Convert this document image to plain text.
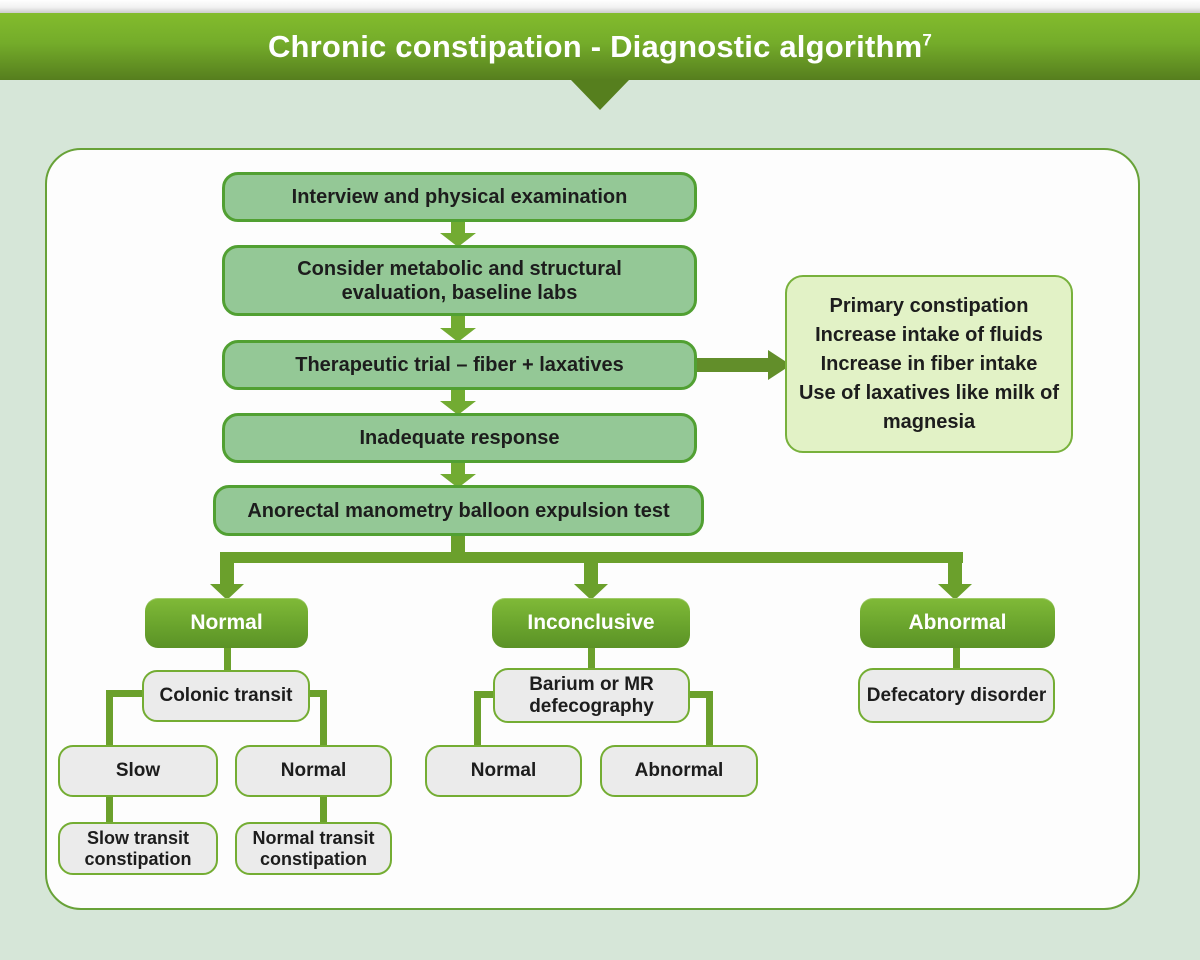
Chronic constipation - Diagnostic algorithm$^7$
Interview and physical examination
Consider metabolic and structural evaluation, baseline labs
Therapeutic trial – fiber + laxatives
Inadequate response
Anorectal manometry balloon expulsion test
Primary constipation
Increase intake of fluids
Increase in fiber intake
Use of laxatives like milk of magnesia
Normal	Inconclusive	Abnormal
Colonic transit
Barium or MR defecography
Defecatory disorder
Slow	Normal	Normal	Abnormal
Slow transit constipation
Normal transit constipation
